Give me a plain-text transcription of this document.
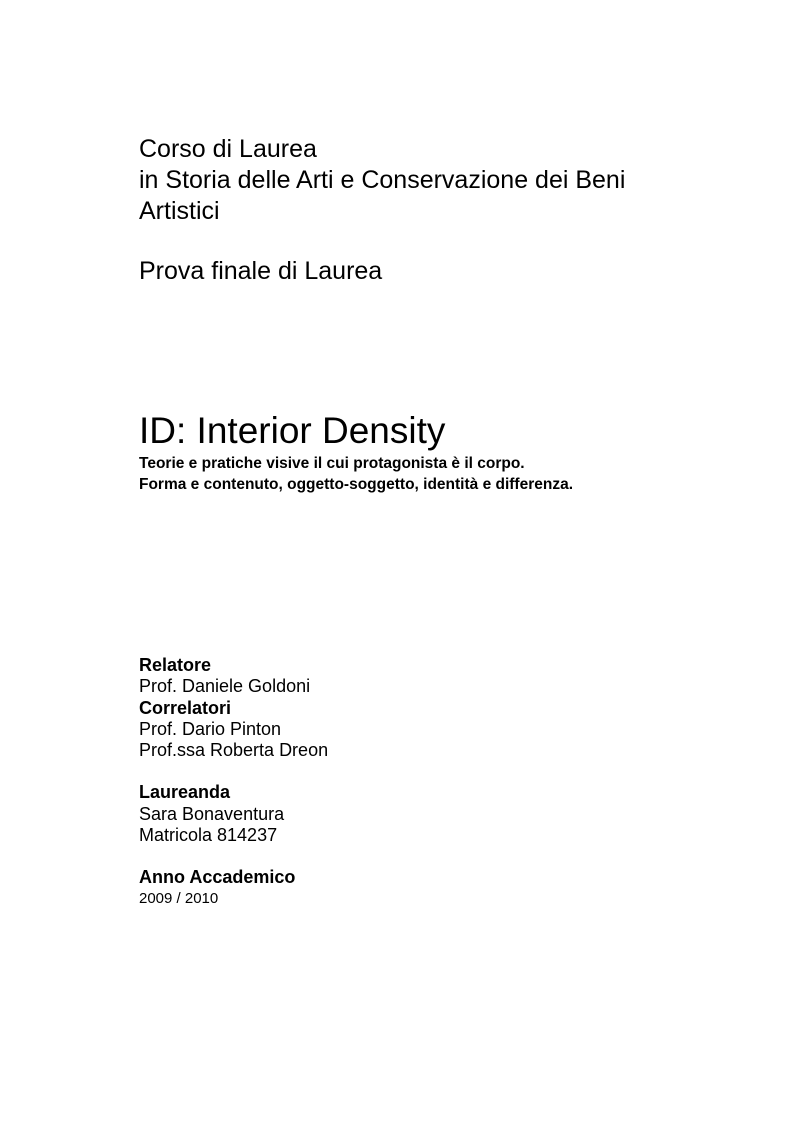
Corso di Laurea
in Storia delle Arti e Conservazione dei Beni
Artistici
Prova finale di Laurea
ID: Interior Density
Teorie e pratiche visive il cui protagonista è il corpo.
Forma e contenuto, oggetto-soggetto, identità e differenza.
Relatore
Prof. Daniele Goldoni
Correlatori
Prof. Dario Pinton
Prof.ssa Roberta Dreon
Laureanda
Sara Bonaventura
Matricola 814237
Anno Accademico
2009 / 2010
